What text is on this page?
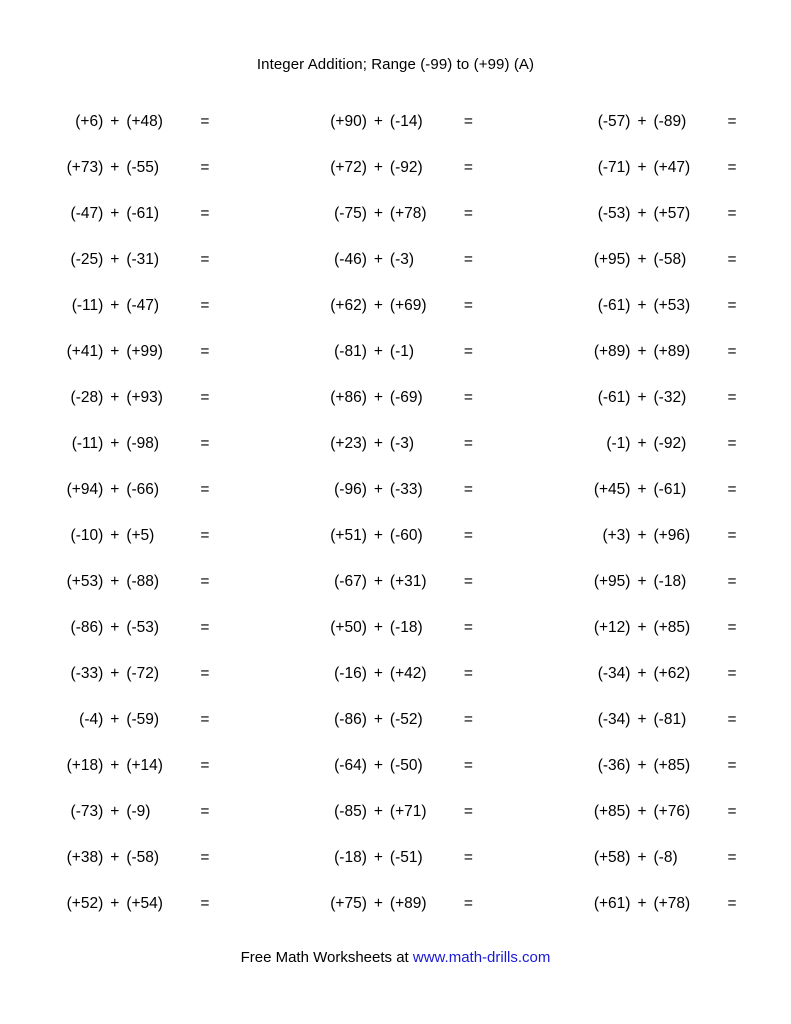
Integer Addition; Range (-99) to (+99) (A)
(+6) + (+48)	=	(+90) + (-14)	=	(-57) + (-89)	=
(+73) + (-55)	=	(+72) + (-92)	=	(-71) + (+47)	=
(-47) + (-61)	=	(-75) + (+78)	=	(-53) + (+57)	=
(-25) + (-31)	=	(-46) + (-3)	=	(+95) + (-58)	=
(-11) + (-47)	=	(+62) + (+69)	=	(-61) + (+53)	=
(+41) + (+99)	=	(-81) + (-1)	=	(+89) + (+89)	=
(-28) + (+93)	=	(+86) + (-69)	=	(-61) + (-32)	=
(-11) + (-98)	=	(+23) + (-3)	=	(-1) + (-92)	=
(+94) + (-66)	=	(-96) + (-33)	=	(+45) + (-61)	=
(-10) + (+5)	=	(+51) + (-60)	=	(+3) + (+96)	=
(+53) + (-88)	=	(-67) + (+31)	=	(+95) + (-18)	=
(-86) + (-53)	=	(+50) + (-18)	=	(+12) + (+85)	=
(-33) + (-72)	=	(-16) + (+42)	=	(-34) + (+62)	=
(-4) + (-59)	=	(-86) + (-52)	=	(-34) + (-81)	=
(+18) + (+14)	=	(-64) + (-50)	=	(-36) + (+85)	=
(-73) + (-9)	=	(-85) + (+71)	=	(+85) + (+76)	=
(+38) + (-58)	=	(-18) + (-51)	=	(+58) + (-8)	=
(+52) + (+54)	=	(+75) + (+89)	=	(+61) + (+78)	=
Free Math Worksheets at www.math-drills.com
